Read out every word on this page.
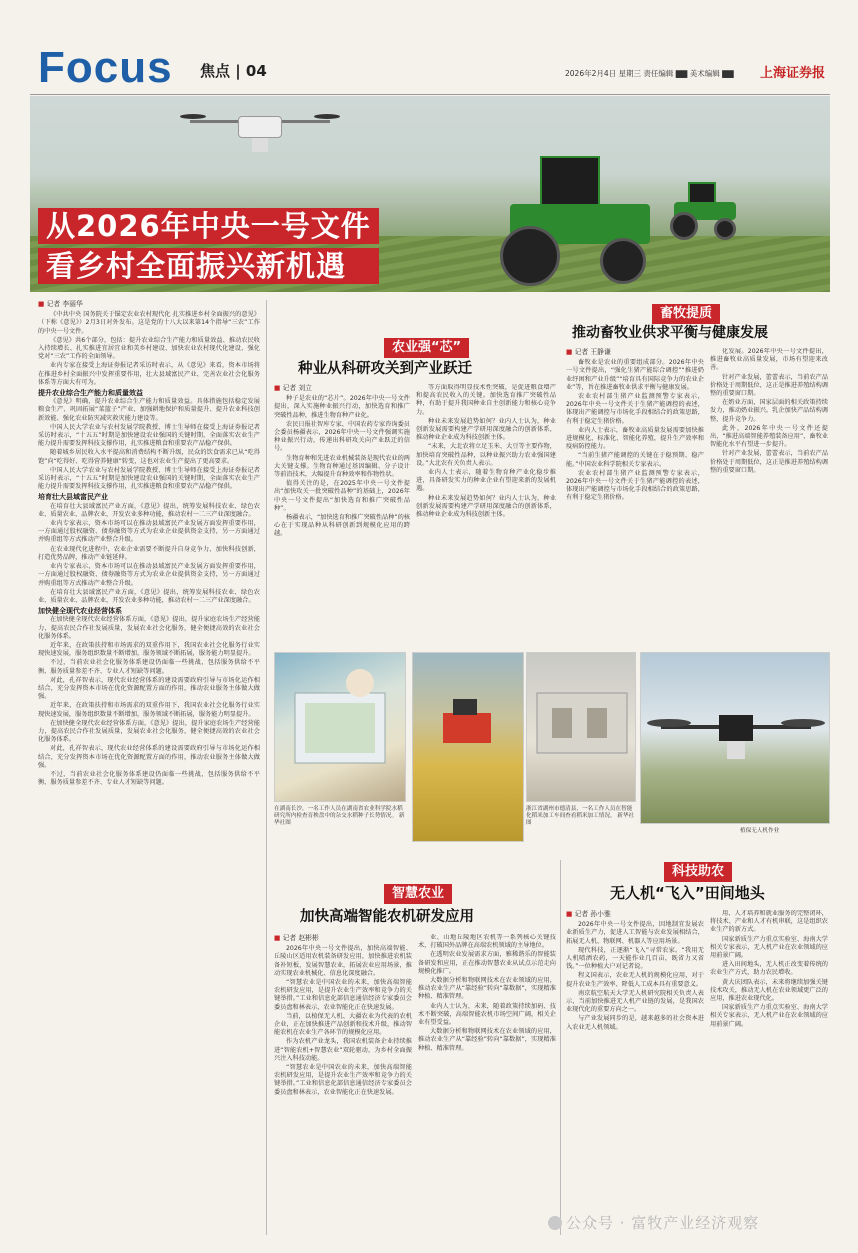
Focus 焦点 | 04	2026年2月4日 星期三 责任编辑 ▇▇ 美术编辑 ▇▇ 上海证券报
从2026年中央一号文件
看乡村全面振兴新机遇
■ 记者 李丽华

《中共中央 国务院关于锚定农业农村现代化 扎实推进乡村全面振兴的意见》（下称《意见》）2月3日对外发布。这是党的十八大以来第14个指导“三农”工作的中央一号文件。

《意见》共6个部分，包括：提升农业综合生产能力和质量效益、推动农民收入持续增长、扎实推进宜居宜业和美乡村建设、加快农业农村现代化建设、强化党对“三农”工作的全面领导。

业内专家在接受上海证券报记者采访时表示，从《意见》来看，资本市场将在推进乡村全面振兴中发挥重要作用，壮大县域富民产业、完善农业社会化服务体系等方面大有可为。

提升农业综合生产能力和质量效益

《意见》明确，提升农业综合生产能力和质量效益。具体措施包括稳定发展粮食生产、巩固拓展“菜篮子”产业、加强耕地保护和质量提升、提升农业科技创新效能、强化农业防灾减灾救灾能力建设等。

中国人民大学农业与农村发展学院教授、博士生导师在接受上海证券报记者采访时表示，“十五五”时期是加快建设农业强国的关键时期，全面落实农业生产能力提升需要发挥科技支撑作用，扎实推进粮食和重要农产品稳产保供。

随着城乡居民收入水平提高和消费结构不断升级，民众的饮食需求已从“吃得饱”向“吃得好、吃得营养健康”转变，这也对农业生产提出了更高要求。

中国人民大学农业与农村发展学院教授、博士生导师在接受上海证券报记者采访时表示，“十五五”时期是加快建设农业强国的关键时期，全面落实农业生产能力提升需要发挥科技支撑作用，扎实推进粮食和重要农产品稳产保供。

培育壮大县域富民产业

在培育壮大县域富民产业方面，《意见》提出，统筹发展科技农业、绿色农业、质量农业、品牌农业，开发农业多种功能，推动农村一二三产业深度融合。

业内专家表示，资本市场可以在推动县域富民产业发展方面发挥重要作用，一方面通过股权融资、债券融资等方式为农业企业提供资金支持，另一方面通过并购重组等方式推动产业整合升级。

在农业现代化进程中，农业企业需要不断提升自身竞争力，加快科技创新，打造优势品牌，推动产业链延伸。

业内专家表示，资本市场可以在推动县域富民产业发展方面发挥重要作用，一方面通过股权融资、债券融资等方式为农业企业提供资金支持，另一方面通过并购重组等方式推动产业整合升级。

在培育壮大县域富民产业方面，《意见》提出，统筹发展科技农业、绿色农业、质量农业、品牌农业，开发农业多种功能，推动农村一二三产业深度融合。

加快健全现代农业经营体系

在加快健全现代农业经营体系方面，《意见》提出，提升家庭农场生产经营能力，提高农民合作社发展质量，发展农业社会化服务，健全便捷高效的农业社会化服务体系。

近年来，在政策扶持和市场需求的双重作用下，我国农业社会化服务行业实现快速发展，服务组织数量不断增加，服务领域不断拓展，服务能力明显提升。

不过，当前农业社会化服务体系建设仍面临一些挑战，包括服务供给不平衡、服务质量参差不齐、专业人才短缺等问题。

对此，孔祥智表示，现代农业经营体系的建设需要政府引导与市场化运作相结合，充分发挥资本市场在优化资源配置方面的作用，推动农业服务主体做大做强。

近年来，在政策扶持和市场需求的双重作用下，我国农业社会化服务行业实现快速发展，服务组织数量不断增加，服务领域不断拓展，服务能力明显提升。

在加快健全现代农业经营体系方面，《意见》提出，提升家庭农场生产经营能力，提高农民合作社发展质量，发展农业社会化服务，健全便捷高效的农业社会化服务体系。

对此，孔祥智表示，现代农业经营体系的建设需要政府引导与市场化运作相结合，充分发挥资本市场在优化资源配置方面的作用，推动农业服务主体做大做强。

不过，当前农业社会化服务体系建设仍面临一些挑战，包括服务供给不平衡、服务质量参差不齐、专业人才短缺等问题。

农业强“芯”
种业从科研攻关到产业跃迁
■ 记者 刘立

种子是农业的“芯片”。2026年中央一号文件提出，深入实施种业振兴行动，加快选育和推广突破性品种，推进生物育种产业化。

农民日报社智库专家、中国农药专家咨询委员会委员杨疆表示，2026年中央一号文件强调实施种业振兴行动，传递出科研攻关向产业跃迁的信号。

生物育种和先进农业机械装备是现代农业的两大关键支撑。生物育种通过基因编辑、分子设计等前沿技术，大幅提升育种效率和作物性状。

值得关注的是，在2025年中央一号文件提出“加快攻关一批突破性品种”的基础上，2026年中央一号文件提出“加快选育和推广突破性品种”。

杨疆表示，“加快选育和推广突破性品种”的核心在于实现品种从科研创新到规模化应用的跨越。

等方面取得明显技术性突破，是促进粮食增产和提高农民收入的关键。加快选育推广突破性品种，有助于提升我国种业自主创新能力和核心竞争力。

种业未来发展趋势如何？业内人士认为，种业创新发展需要构建产学研用深度融合的创新体系，推动种业企业成为科技创新主体。

“未来，大北农将立足玉米、大豆等主要作物，加快培育突破性品种，以种业振兴助力农业强国建设。”大北农有关负责人表示。

业内人士表示，随着生物育种产业化稳步推进，具备研发实力的种业企业有望迎来新的发展机遇。

种业未来发展趋势如何？业内人士认为，种业创新发展需要构建产学研用深度融合的创新体系，推动种业企业成为科技创新主体。

在湖南长沙，一名工作人员在湖南省农业科学院水稻研究所内检查育秧盘中的杂交水稻种子长势情况。 新华社图
浙江省湖州市德清县，一名工作人员在智能化稻米加工车间查看稻米加工情况。 新华社图
畜牧提质
推动畜牧业供求平衡与健康发展
■ 记者 王静谦

畜牧业是农业的重要组成部分。2026年中央一号文件提出，“强化生猪产能综合调控”“推进奶业纾困和产业升级”“培育具有国际竞争力的农业企业”等，旨在推进畜牧业供求平衡与健康发展。

农业农村部生猪产业监测预警专家表示，2026年中央一号文件关于生猪产能调控的表述，体现出产能调控与市场化手段相结合的政策思路，有利于稳定生猪价格。

业内人士表示，畜牧业高质量发展需要加快推进规模化、标准化、智能化养殖，提升生产效率和疫病防控能力。

“当前生猪产能调控的关键在于稳预期、稳产能。”中国农业科学院相关专家表示。

农业农村部生猪产业监测预警专家表示，2026年中央一号文件关于生猪产能调控的表述，体现出产能调控与市场化手段相结合的政策思路，有利于稳定生猪价格。

化发展。2026年中央一号文件提出，推进畜牧业高质量发展，市场有望迎来改善。

针对产业发展，蕾蕾表示，当前农产品价格处于周期低位，这正是推进养殖结构调整的重要窗口期。

在奶业方面，国家层面的相关政策持续发力，推动奶业振兴。乳企加快产品结构调整，提升竞争力。

此外，2026年中央一号文件还提出，“推进高端智能养殖装备应用”，畜牧业智能化水平有望进一步提升。

针对产业发展，蕾蕾表示，当前农产品价格处于周期低位，这正是推进养殖结构调整的重要窗口期。

植保无人机作业
智慧农业
加快高端智能农机研发应用
■ 记者 赵彬彬

2026年中央一号文件提出，加快高端智能、丘陵山区适用农机装备研发应用，加快推进农机装备补短板，发展智慧农业，拓展农业应用场景，推动实现农业机械化、信息化深度融合。

“智慧农业是中国农业的未来，加快高端智能农机研发应用，是提升农业生产效率和竞争力的关键举措。”工业和信息化部信息通信经济专家委员会委员盘和林表示，农业智能化正在快速发展。

当前，以植保无人机、大疆农业为代表的农机企业，正在加快推进产品创新和技术升级，推动智能农机在农业生产各环节的规模化应用。

作为农机产业龙头，我国农机装备企业持续推进“智能农机+智慧农业”双轮驱动，为乡村全面振兴注入科技动能。

“智慧农业是中国农业的未来，加快高端智能农机研发应用，是提升农业生产效率和竞争力的关键举措。”工业和信息化部信息通信经济专家委员会委员盘和林表示，农业智能化正在快速发展。

业、山地丘陵地区农机等一系列核心关键技术，打破国外品牌在高端农机领域的主导地位。

在透明农业发展需求方面，雅稀谐乐的智能装备研发和应用，正在推动智慧农业从试点示范走向规模化推广。

大数据分析和物联网技术在农业领域的应用，推动农业生产从“靠经验”转向“靠数据”，实现精准种植、精准管理。

业内人士认为，未来，随着政策持续加码、技术不断突破，高端智能农机市场空间广阔，相关企业有望受益。

大数据分析和物联网技术在农业领域的应用，推动农业生产从“靠经验”转向“靠数据”，实现精准种植、精准管理。

科技助农
无人机“飞入”田间地头
■ 记者 孙小雅

2026年中央一号文件提出，因地制宜发展农业新质生产力，促进人工智能与农业发展相结合，拓展无人机、物联网、机器人等应用场景。

现代科技，正逐渐“飞入”寻常农家。“我用无人机喷洒农药，一天能作业几百亩，既省力又省钱。”一位种植大户对记者说。

程义国表示，农业无人机的规模化应用，对于提升农业生产效率、降低人工成本具有重要意义。

南京航空航天大学无人机研究院相关负责人表示，当前加快推进无人机产业链的发展，是我国农业现代化的重要方向之一。

与产业发展同步的是，越来越多的社会资本进入农业无人机领域。

用、人才培养和就业服务的完整闭环，将技术、产业和人才有机串联，这是组织农业生产的新方式。

国家新质生产力重点实验室、海南大学相关专家表示，无人机产业在农业领域的应用前景广阔。

进入田间地头，无人机正改变着传统的农业生产方式，助力农民增收。

黄大庆团队表示，未来将继续加强关键技术攻关，推动无人机在农业领域更广泛的应用，推进农业现代化。

国家新质生产力重点实验室、海南大学相关专家表示，无人机产业在农业领域的应用前景广阔。

公众号 · 富牧产业经济观察
